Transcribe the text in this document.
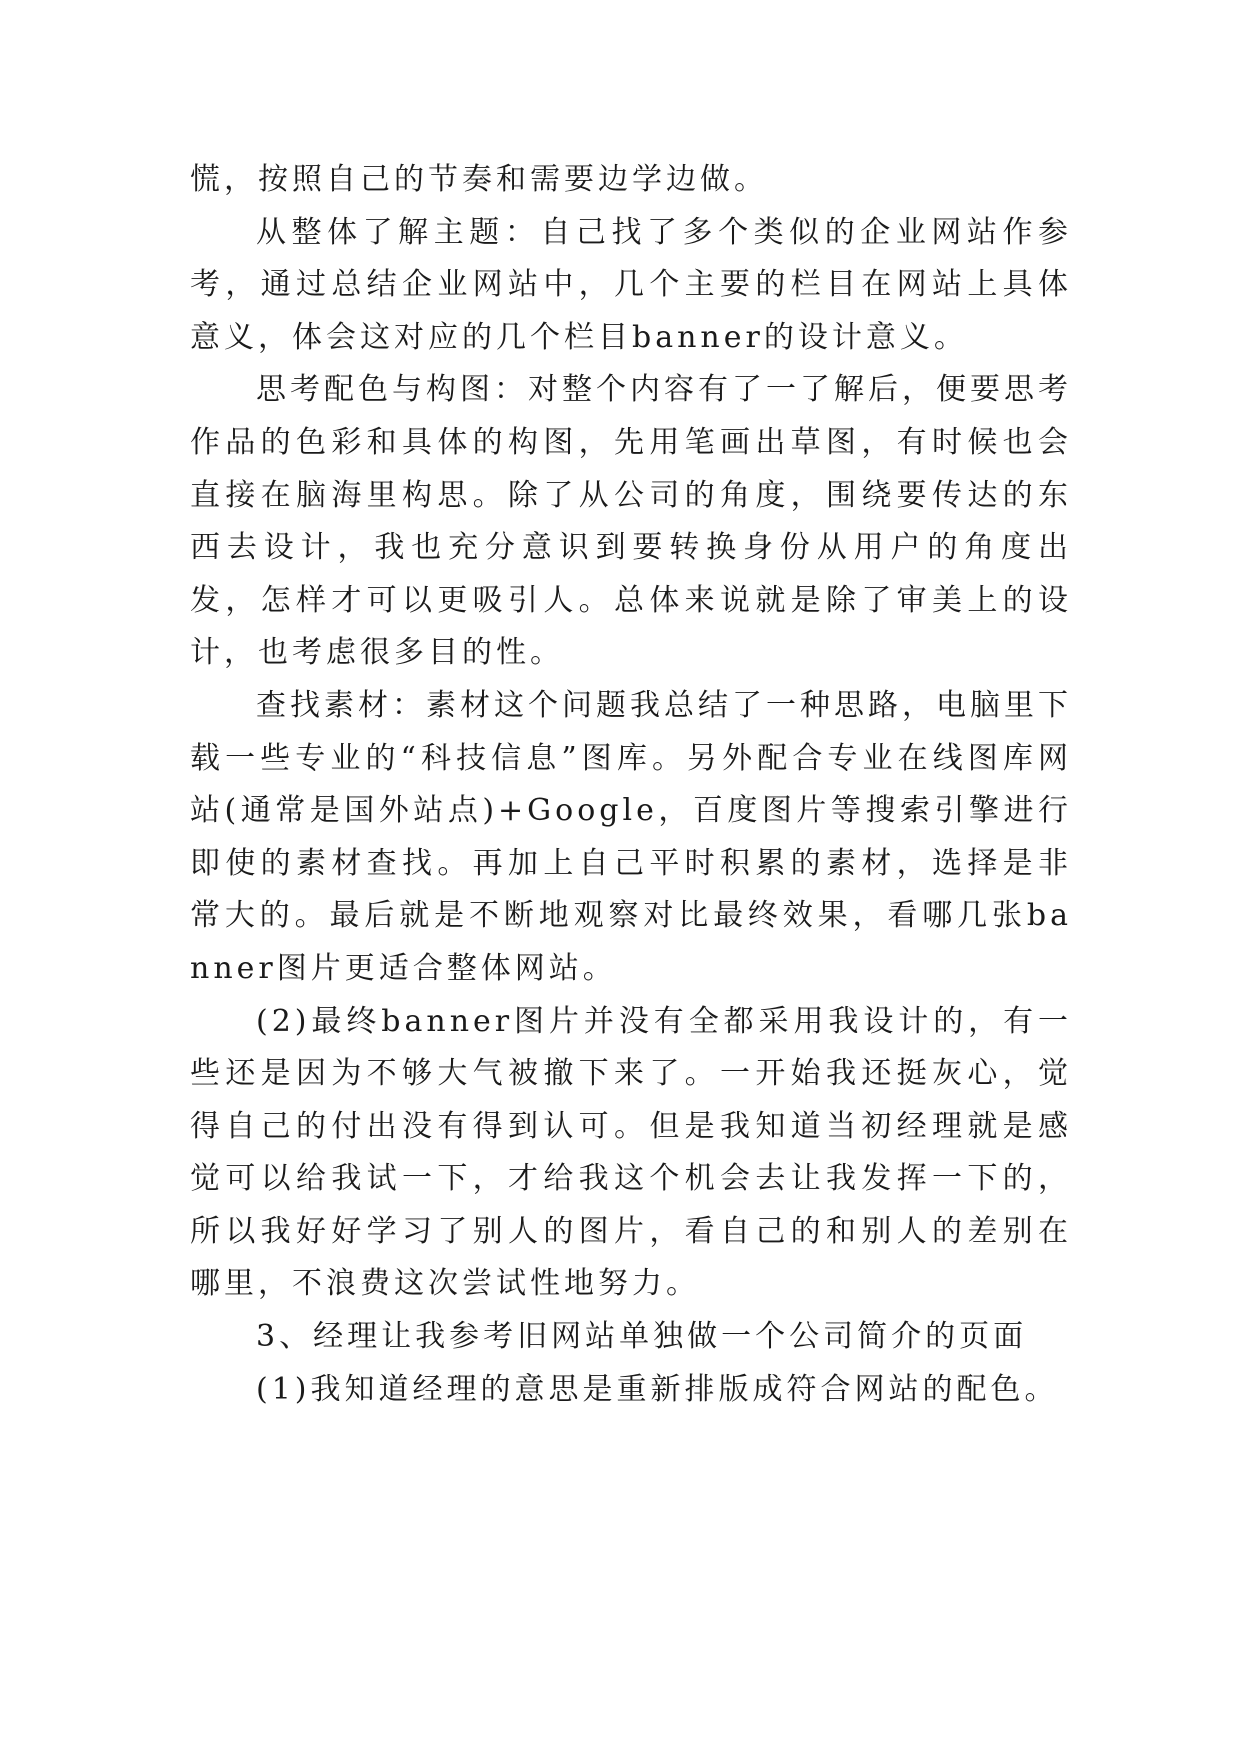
慌，按照自己的节奏和需要边学边做。

从整体了解主题：自己找了多个类似的企业网站作参考，通过总结企业网站中，几个主要的栏目在网站上具体意义，体会这对应的几个栏目banner的设计意义。

思考配色与构图：对整个内容有了一了解后，便要思考作品的色彩和具体的构图，先用笔画出草图，有时候也会直接在脑海里构思。除了从公司的角度，围绕要传达的东西去设计，我也充分意识到要转换身份从用户的角度出发，怎样才可以更吸引人。总体来说就是除了审美上的设计，也考虑很多目的性。

查找素材：素材这个问题我总结了一种思路，电脑里下载一些专业的“科技信息”图库。另外配合专业在线图库网站(通常是国外站点)+Google，百度图片等搜索引擎进行即使的素材查找。再加上自己平时积累的素材，选择是非常大的。最后就是不断地观察对比最终效果，看哪几张banner图片更适合整体网站。

(2)最终banner图片并没有全都采用我设计的，有一些还是因为不够大气被撤下来了。一开始我还挺灰心，觉得自己的付出没有得到认可。但是我知道当初经理就是感觉可以给我试一下，才给我这个机会去让我发挥一下的，所以我好好学习了别人的图片，看自己的和别人的差别在哪里，不浪费这次尝试性地努力。

3、经理让我参考旧网站单独做一个公司简介的页面

(1)我知道经理的意思是重新排版成符合网站的配色。
